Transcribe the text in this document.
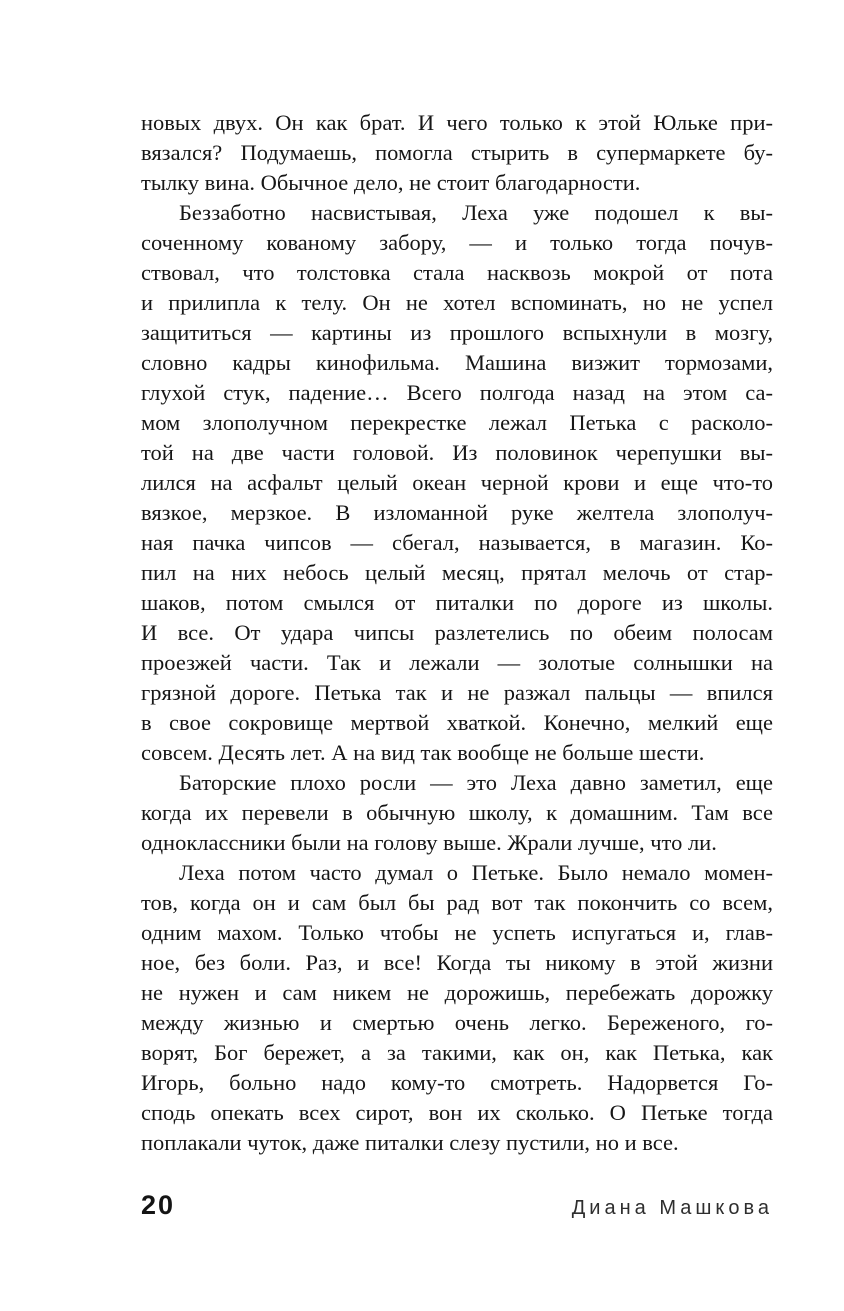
новых двух. Он как брат. И чего только к этой Юльке при-
вязался? Подумаешь, помогла стырить в супермаркете бу-
тылку вина. Обычное дело, не стоит благодарности.
Беззаботно насвистывая, Леха уже подошел к вы-
соченному кованому забору, — и только тогда почув-
ствовал, что толстовка стала насквозь мокрой от пота
и прилипла к телу. Он не хотел вспоминать, но не успел
защититься — картины из прошлого вспыхнули в мозгу,
словно кадры кинофильма. Машина визжит тормозами,
глухой стук, падение… Всего полгода назад на этом са-
мом злополучном перекрестке лежал Петька с расколо-
той на две части головой. Из половинок черепушки вы-
лился на асфальт целый океан черной крови и еще что-то
вязкое, мерзкое. В изломанной руке желтела злополуч-
ная пачка чипсов — сбегал, называется, в магазин. Ко-
пил на них небось целый месяц, прятал мелочь от стар-
шаков, потом смылся от питалки по дороге из школы.
И все. От удара чипсы разлетелись по обеим полосам
проезжей части. Так и лежали — золотые солнышки на
грязной дороге. Петька так и не разжал пальцы — впился
в свое сокровище мертвой хваткой. Конечно, мелкий еще
совсем. Десять лет. А на вид так вообще не больше шести.
Баторские плохо росли — это Леха давно заметил, еще
когда их перевели в обычную школу, к домашним. Там все
одноклассники были на голову выше. Жрали лучше, что ли.
Леха потом часто думал о Петьке. Было немало момен-
тов, когда он и сам был бы рад вот так покончить со всем,
одним махом. Только чтобы не успеть испугаться и, глав-
ное, без боли. Раз, и все! Когда ты никому в этой жизни
не нужен и сам никем не дорожишь, перебежать дорожку
между жизнью и смертью очень легко. Береженого, го-
ворят, Бог бережет, а за такими, как он, как Петька, как
Игорь, больно надо кому-то смотреть. Надорвется Го-
сподь опекать всех сирот, вон их сколько. О Петьке тогда
поплакали чуток, даже питалки слезу пустили, но и все.
20	Диана Машкова
